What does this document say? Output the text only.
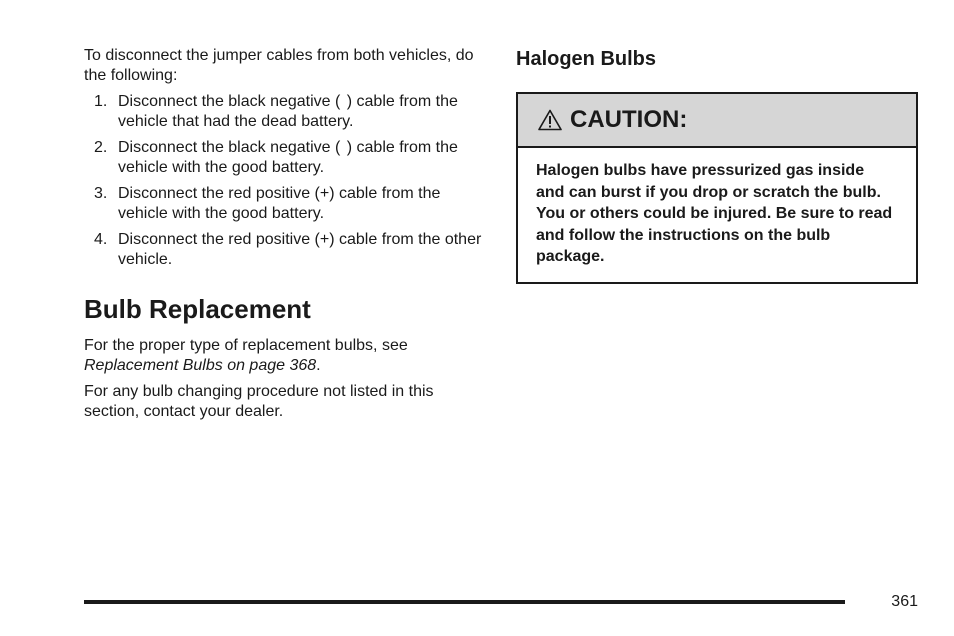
To disconnect the jumper cables from both vehicles, do the following:

1. Disconnect the black negative (  ) cable from the vehicle that had the dead battery.
2. Disconnect the black negative (  ) cable from the vehicle with the good battery.
3. Disconnect the red positive (+) cable from the vehicle with the good battery.
4. Disconnect the red positive (+) cable from the other vehicle.
Bulb Replacement

For the proper type of replacement bulbs, see Replacement Bulbs on page 368.

For any bulb changing procedure not listed in this section, contact your dealer.

Halogen Bulbs
CAUTION:
Halogen bulbs have pressurized gas inside and can burst if you drop or scratch the bulb. You or others could be injured. Be sure to read and follow the instructions on the bulb package.
361
